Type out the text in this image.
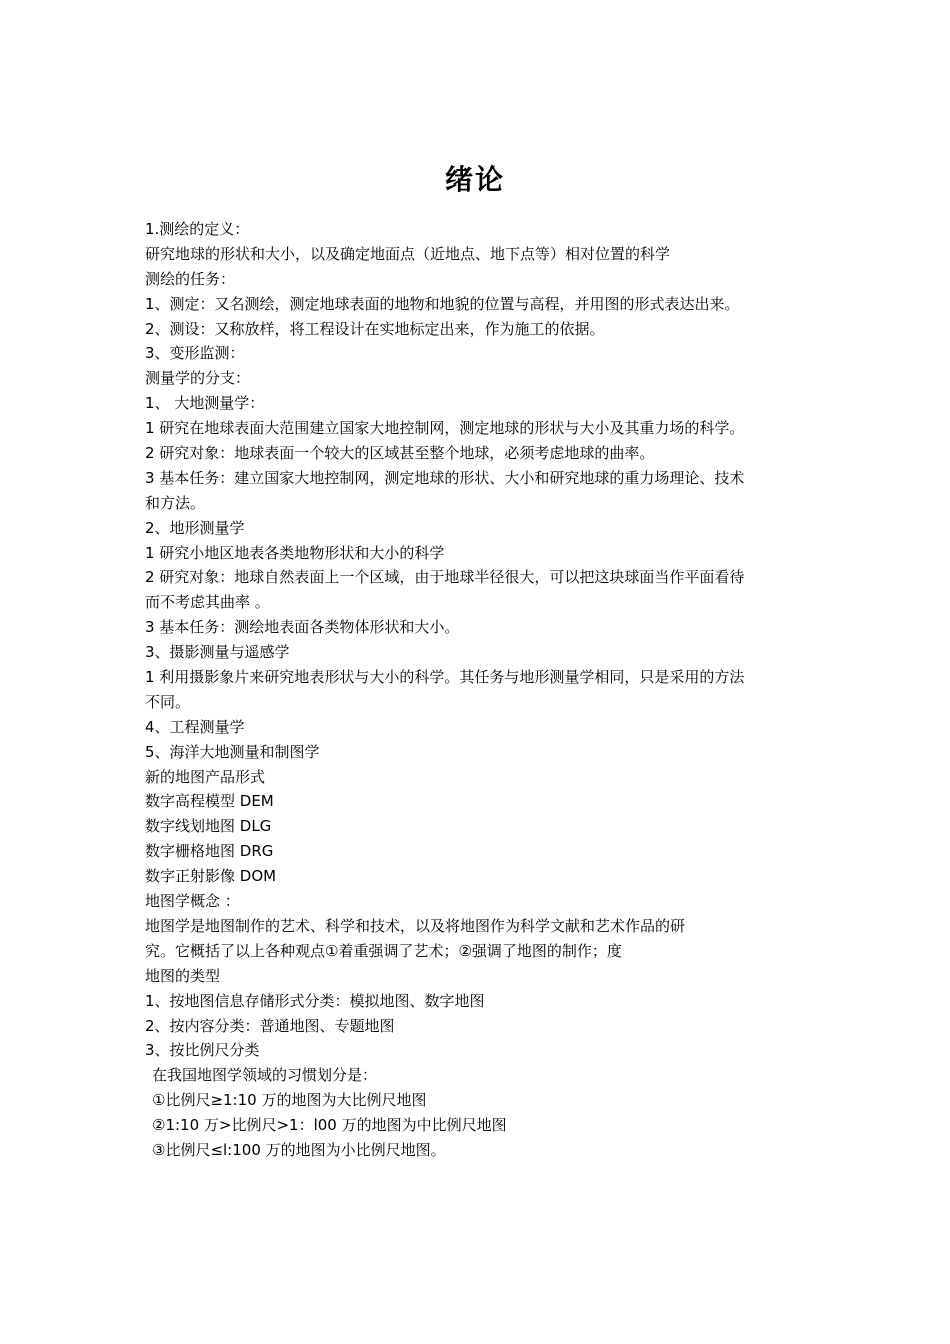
绪论
1.测绘的定义：
研究地球的形状和大小，以及确定地面点（近地点、地下点等）相对位置的科学
测绘的任务：
1、测定：又名测绘，测定地球表面的地物和地貌的位置与高程，并用图的形式表达出来。
2、测设：又称放样，将工程设计在实地标定出来，作为施工的依据。
3、变形监测：
测量学的分支：
1、 大地测量学：
1 研究在地球表面大范围建立国家大地控制网，测定地球的形状与大小及其重力场的科学。
2 研究对象：地球表面一个较大的区域甚至整个地球，必须考虑地球的曲率。
3 基本任务：建立国家大地控制网，测定地球的形状、大小和研究地球的重力场理论、技术
和方法。
2、地形测量学
1 研究小地区地表各类地物形状和大小的科学
2 研究对象：地球自然表面上一个区域，由于地球半径很大，可以把这块球面当作平面看待
而不考虑其曲率 。
3 基本任务：测绘地表面各类物体形状和大小。
3、摄影测量与遥感学
1 利用摄影象片来研究地表形状与大小的科学。其任务与地形测量学相同，只是采用的方法
不同。
4、工程测量学
5、海洋大地测量和制图学
新的地图产品形式
数字高程模型 DEM
数字线划地图 DLG
数字栅格地图 DRG
数字正射影像 DOM
地图学概念 ：
地图学是地图制作的艺术、科学和技术，以及将地图作为科学文献和艺术作品的研
究。它概括了以上各种观点①着重强调了艺术；②强调了地图的制作；度
地图的类型
1、按地图信息存储形式分类：模拟地图、数字地图
2、按内容分类：普通地图、专题地图
3、按比例尺分类
在我国地图学领域的习惯划分是：
①比例尺≥1:10 万的地图为大比例尺地图
②1:10 万>比例尺>1：l00 万的地图为中比例尺地图
③比例尺≤l:100 万的地图为小比例尺地图。
